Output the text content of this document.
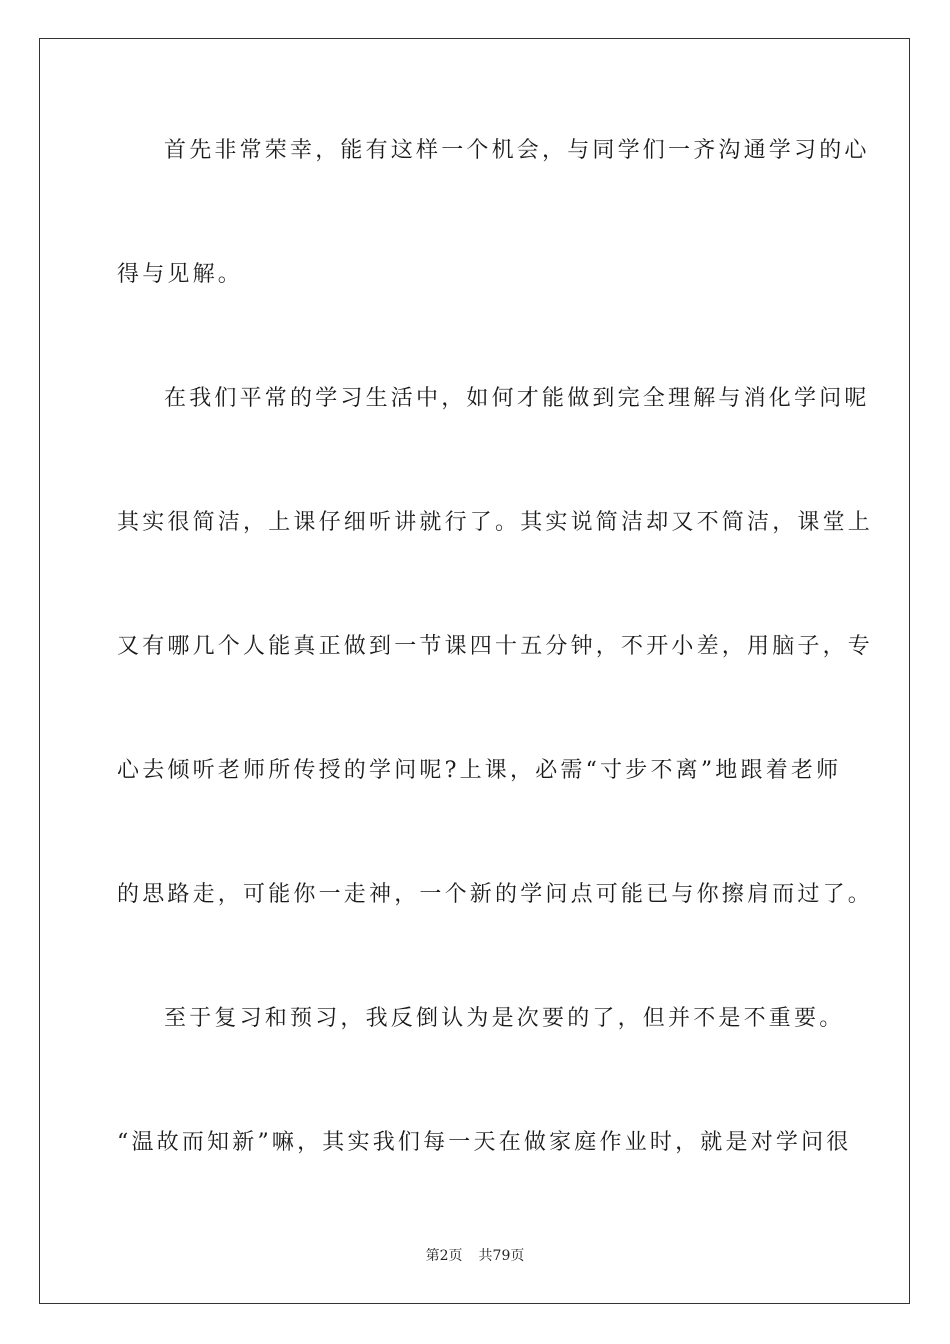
首先非常荣幸，能有这样一个机会，与同学们一齐沟通学习的心
得与见解。
在我们平常的学习生活中，如何才能做到完全理解与消化学问呢
其实很简洁，上课仔细听讲就行了。其实说简洁却又不简洁，课堂上
又有哪几个人能真正做到一节课四十五分钟，不开小差，用脑子，专
心去倾听老师所传授的学问呢?上课，必需“寸步不离”地跟着老师
的思路走，可能你一走神，一个新的学问点可能已与你擦肩而过了。
至于复习和预习，我反倒认为是次要的了，但并不是不重要。
“温故而知新”嘛，其实我们每一天在做家庭作业时，就是对学问很
第2页 共79页
